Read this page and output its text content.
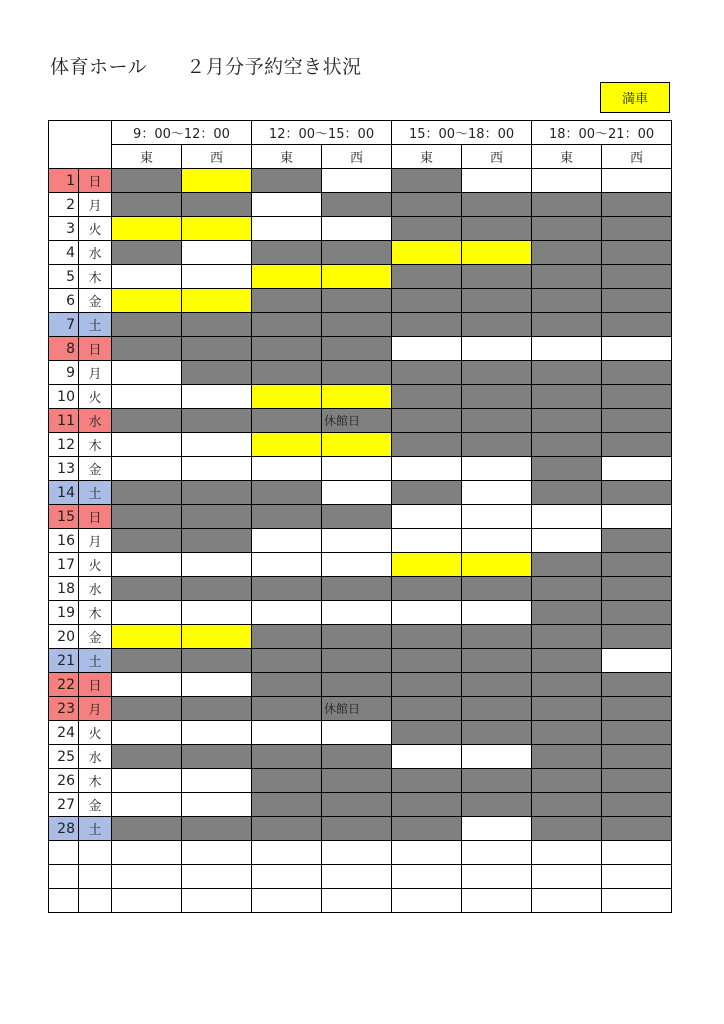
体育ホール　　２月分予約空き状況
満車
		9：00～12：00		12：00～15：00		15：00～18：00		18：00～21：00	
		東	西	東	西	東	西	東	西
1	日								
2	月								
3	火								
4	水								
5	木								
6	金								
7	土								
8	日								
9	月								
10	火								
11	水				休館日				

12	木								
13	金								
14	土								
15	日								
16	月								
17	火								
18	水								
19	木								
20	金								
21	土								
22	日								
23	月				休館日				

24	火								
25	水								
26	木								
27	金								
28	土								
